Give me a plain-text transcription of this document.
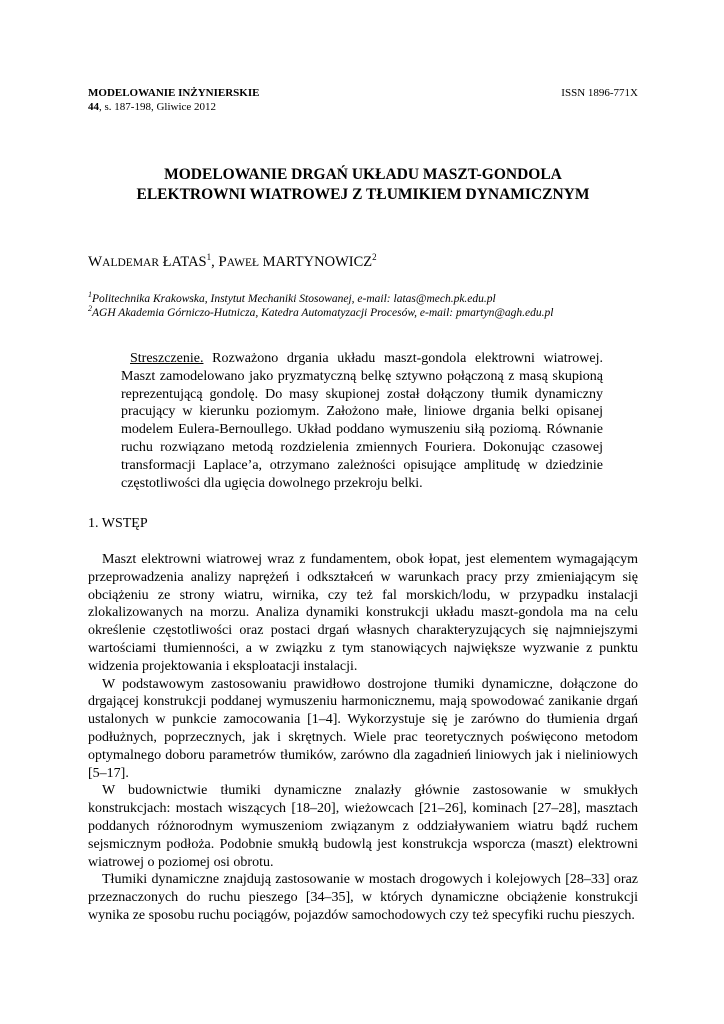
MODELOWANIE INŻYNIERSKIE	ISSN 1896-771X
44, s. 187-198, Gliwice 2012
MODELOWANIE DRGAŃ UKŁADU MASZT-GONDOLA
ELEKTROWNI WIATROWEJ Z TŁUMIKIEM DYNAMICZNYM
WALDEMAR ŁATAS$^1$, PAWEŁ MARTYNOWICZ$^2$
$^1$Politechnika Krakowska, Instytut Mechaniki Stosowanej, e-mail: latas@mech.pk.edu.pl
$^2$AGH Akademia Górniczo-Hutnicza, Katedra Automatyzacji Procesów, e-mail: pmartyn@agh.edu.pl
Streszczenie. Rozważono drgania układu maszt-gondola elektrowni wiatrowej. Maszt zamodelowano jako pryzmatyczną belkę sztywno połączoną z masą skupioną reprezentującą gondolę. Do masy skupionej został dołączony tłumik dynamiczny pracujący w kierunku poziomym. Założono małe, liniowe drgania belki opisanej modelem Eulera-Bernoullego. Układ poddano wymuszeniu siłą poziomą. Równanie ruchu rozwiązano metodą rozdzielenia zmiennych Fouriera. Dokonując czasowej transformacji Laplace’a, otrzymano zależności opisujące amplitudę w dziedzinie częstotliwości dla ugięcia dowolnego przekroju belki.
1. WSTĘP

Maszt elektrowni wiatrowej wraz z fundamentem, obok łopat, jest elementem wymagającym przeprowadzenia analizy naprężeń i odkształceń w warunkach pracy przy zmieniającym się obciążeniu ze strony wiatru, wirnika, czy też fal morskich/lodu, w przypadku instalacji zlokalizowanych na morzu. Analiza dynamiki konstrukcji układu maszt-gondola ma na celu określenie częstotliwości oraz postaci drgań własnych charakteryzujących się najmniejszymi wartościami tłumienności, a w związku z tym stanowiących największe wyzwanie z punktu widzenia projektowania i eksploatacji instalacji.

W podstawowym zastosowaniu prawidłowo dostrojone tłumiki dynamiczne, dołączone do drgającej konstrukcji poddanej wymuszeniu harmonicznemu, mają spowodować zanikanie drgań ustalonych w punkcie zamocowania [1–4]. Wykorzystuje się je zarówno do tłumienia drgań podłużnych, poprzecznych, jak i skrętnych. Wiele prac teoretycznych poświęcono metodom optymalnego doboru parametrów tłumików, zarówno dla zagadnień liniowych jak i nieliniowych [5–17].

W budownictwie tłumiki dynamiczne znalazły głównie zastosowanie w smukłych konstrukcjach: mostach wiszących [18–20], wieżowcach [21–26], kominach [27–28], masztach poddanych różnorodnym wymuszeniom związanym z oddziaływaniem wiatru bądź ruchem sejsmicznym podłoża. Podobnie smukłą budowlą jest konstrukcja wsporcza (maszt) elektrowni wiatrowej o poziomej osi obrotu.

Tłumiki dynamiczne znajdują zastosowanie w mostach drogowych i kolejowych [28–33] oraz przeznaczonych do ruchu pieszego [34–35], w których dynamiczne obciążenie konstrukcji wynika ze sposobu ruchu pociągów, pojazdów samochodowych czy też specyfiki ruchu pieszych.
